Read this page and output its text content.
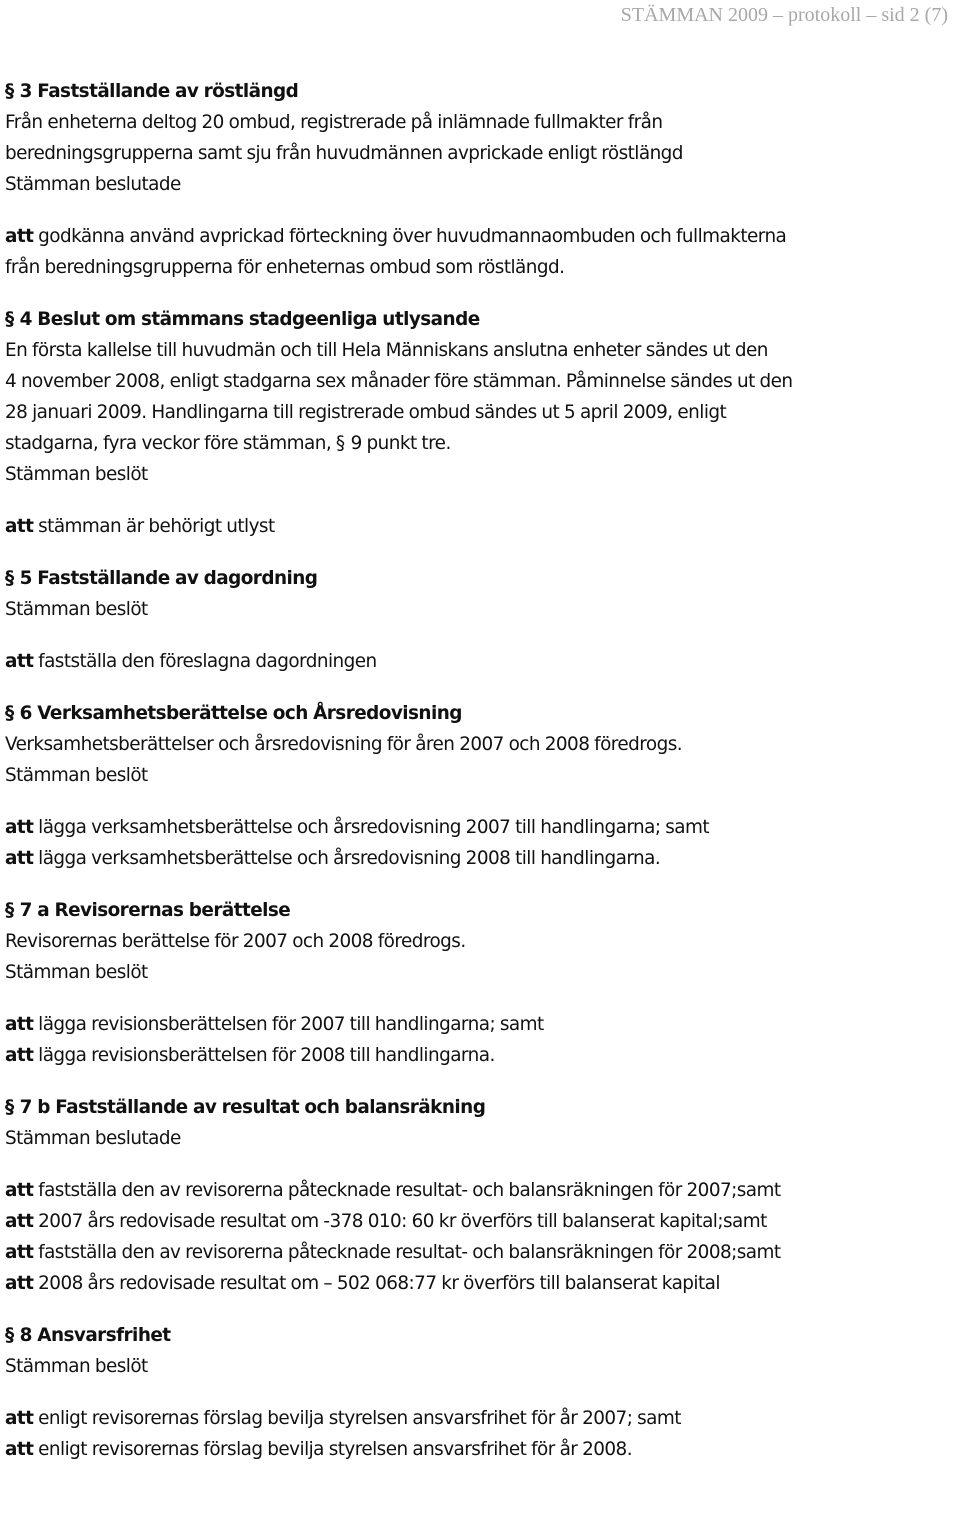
STÄMMAN 2009 – protokoll – sid 2 (7)
§ 3 Fastställande av röstlängd
Från enheterna deltog 20 ombud, registrerade på inlämnade fullmakter från
beredningsgrupperna samt sju från huvudmännen avprickade enligt röstlängd
Stämman beslutade
att godkänna använd avprickad förteckning över huvudmannaombuden och fullmakterna
från beredningsgrupperna för enheternas ombud som röstlängd.
§ 4 Beslut om stämmans stadgeenliga utlysande
En första kallelse till huvudmän och till Hela Människans anslutna enheter sändes ut den
4 november 2008, enligt stadgarna sex månader före stämman. Påminnelse sändes ut den
28 januari 2009. Handlingarna till registrerade ombud sändes ut 5 april 2009, enligt
stadgarna, fyra veckor före stämman, § 9 punkt tre.
Stämman beslöt
att stämman är behörigt utlyst
§ 5 Fastställande av dagordning
Stämman beslöt
att fastställa den föreslagna dagordningen
§ 6 Verksamhetsberättelse och Årsredovisning
Verksamhetsberättelser och årsredovisning för åren 2007 och 2008 föredrogs.
Stämman beslöt
att lägga verksamhetsberättelse och årsredovisning 2007 till handlingarna; samt
att lägga verksamhetsberättelse och årsredovisning 2008 till handlingarna.
§ 7 a Revisorernas berättelse
Revisorernas berättelse för 2007 och 2008 föredrogs.
Stämman beslöt
att lägga revisionsberättelsen för 2007 till handlingarna; samt
att lägga revisionsberättelsen för 2008 till handlingarna.
§ 7 b Fastställande av resultat och balansräkning
Stämman beslutade
att fastställa den av revisorerna påtecknade resultat- och balansräkningen för 2007;samt
att 2007 års redovisade resultat om -378 010: 60 kr överförs till balanserat kapital;samt
att fastställa den av revisorerna påtecknade resultat- och balansräkningen för 2008;samt
att 2008 års redovisade resultat om – 502 068:77 kr överförs till balanserat kapital
§ 8 Ansvarsfrihet
Stämman beslöt
att enligt revisorernas förslag bevilja styrelsen ansvarsfrihet för år 2007; samt
att enligt revisorernas förslag bevilja styrelsen ansvarsfrihet för år 2008.
